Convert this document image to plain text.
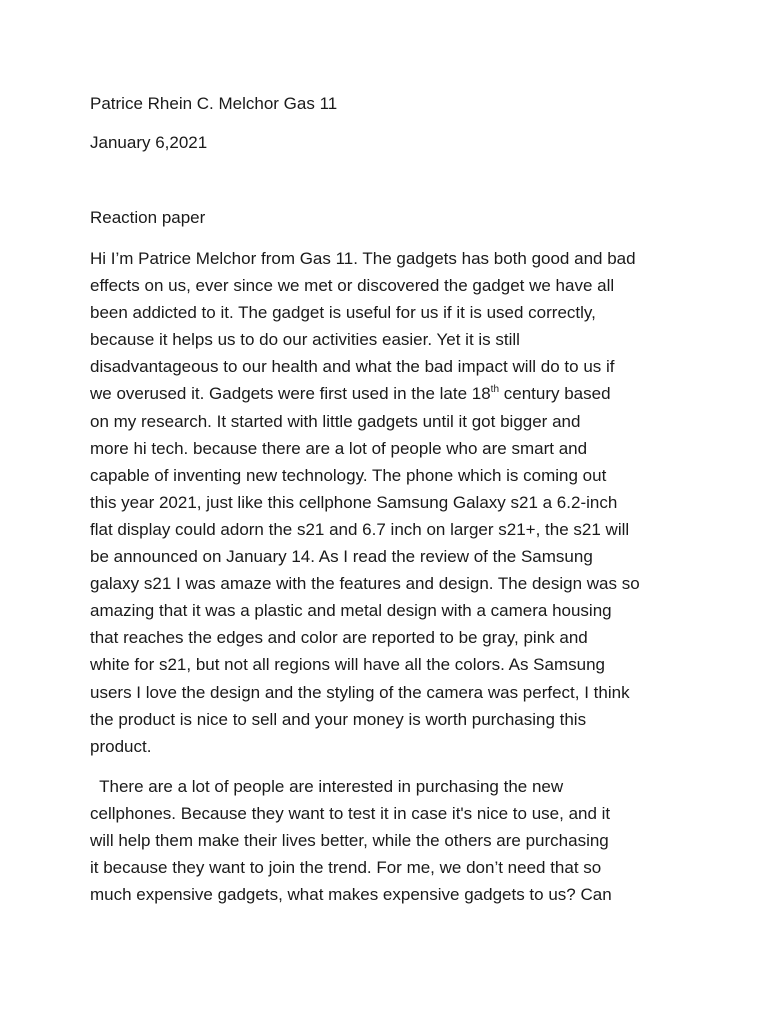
Patrice Rhein C. Melchor Gas 11
January 6,2021
Reaction paper
Hi I’m Patrice Melchor from Gas 11. The gadgets has both good and bad
effects on us, ever since we met or discovered the gadget we have all
been addicted to it. The gadget is useful for us if it is used correctly,
because it helps us to do our activities easier. Yet it is still
disadvantageous to our health and what the bad impact will do to us if
we overused it. Gadgets were first used in the late 18th century based
on my research. It started with little gadgets until it got bigger and
more hi tech. because there are a lot of people who are smart and
capable of inventing new technology. The phone which is coming out
this year 2021, just like this cellphone Samsung Galaxy s21 a 6.2-inch
flat display could adorn the s21 and 6.7 inch on larger s21+, the s21 will
be announced on January 14. As I read the review of the Samsung
galaxy s21 I was amaze with the features and design. The design was so
amazing that it was a plastic and metal design with a camera housing
that reaches the edges and color are reported to be gray, pink and
white for s21, but not all regions will have all the colors. As Samsung
users I love the design and the styling of the camera was perfect, I think
the product is nice to sell and your money is worth purchasing this
product.
There are a lot of people are interested in purchasing the new
cellphones. Because they want to test it in case it's nice to use, and it
will help them make their lives better, while the others are purchasing
it because they want to join the trend. For me, we don’t need that so
much expensive gadgets, what makes expensive gadgets to us? Can
